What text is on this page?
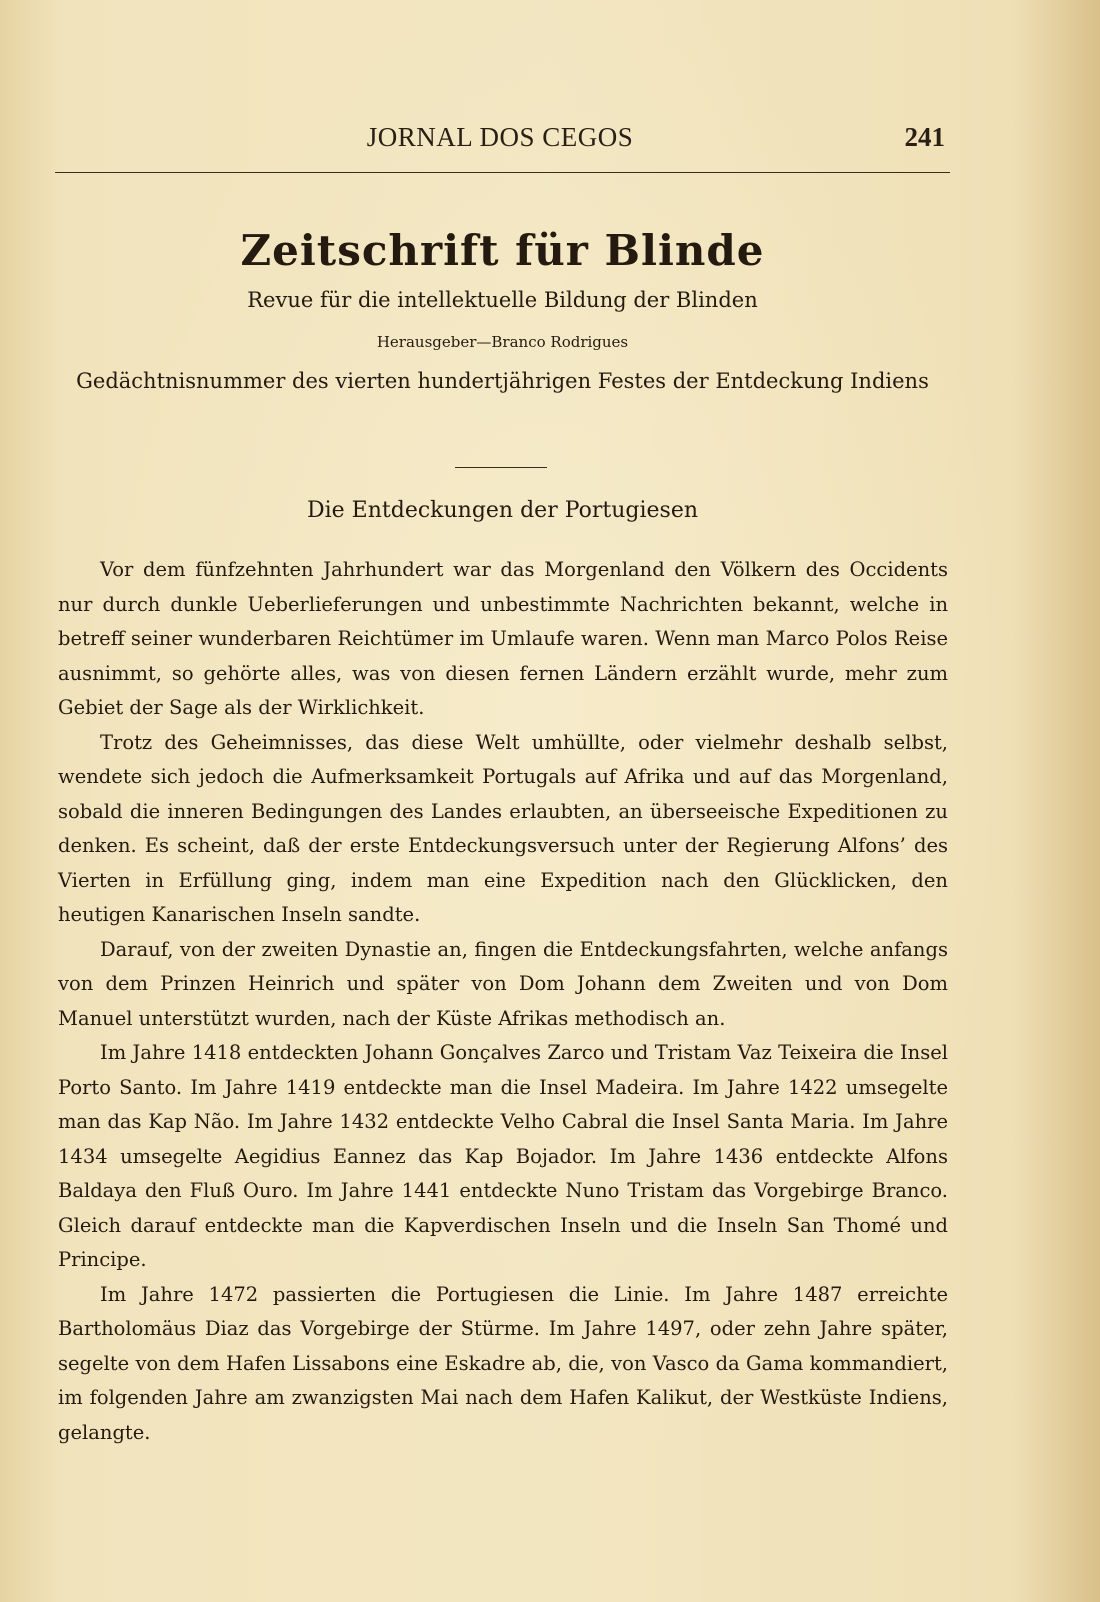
JORNAL DOS CEGOS	241
Zeitschrift für Blinde
Revue für die intellektuelle Bildung der Blinden
Herausgeber—Branco Rodrigues
Gedächtnisnummer des vierten hundertjährigen Festes der Entdeckung Indiens
Die Entdeckungen der Portugiesen

Vor dem fünfzehnten Jahrhundert war das Morgenland den Völkern des Occidents nur durch dunkle Ueberlieferungen und unbestimmte Nachrichten bekannt, welche in betreff seiner wunderbaren Reichtümer im Umlaufe waren. Wenn man Marco Polos Reise ausnimmt, so gehörte alles, was von diesen fernen Ländern erzählt wurde, mehr zum Gebiet der Sage als der Wirklichkeit.

Trotz des Geheimnisses, das diese Welt umhüllte, oder vielmehr deshalb selbst, wendete sich jedoch die Aufmerksamkeit Portugals auf Afrika und auf das Morgenland, sobald die inneren Bedingungen des Landes erlaubten, an überseeische Expeditionen zu denken. Es scheint, daß der erste Entdeckungsversuch unter der Regierung Alfons’ des Vierten in Erfüllung ging, indem man eine Expedition nach den Glücklicken, den heutigen Kanarischen Inseln sandte.

Darauf, von der zweiten Dynastie an, fingen die Entdeckungsfahrten, welche anfangs von dem Prinzen Heinrich und später von Dom Johann dem Zweiten und von Dom Manuel unterstützt wurden, nach der Küste Afrikas methodisch an.

Im Jahre 1418 entdeckten Johann Gonçalves Zarco und Tristam Vaz Teixeira die Insel Porto Santo. Im Jahre 1419 entdeckte man die Insel Madeira. Im Jahre 1422 umsegelte man das Kap Não. Im Jahre 1432 entdeckte Velho Cabral die Insel Santa Maria. Im Jahre 1434 umsegelte Aegidius Eannez das Kap Bojador. Im Jahre 1436 entdeckte Alfons Baldaya den Fluß Ouro. Im Jahre 1441 entdeckte Nuno Tristam das Vorgebirge Branco. Gleich darauf entdeckte man die Kapverdischen Inseln und die Inseln San Thomé und Principe.

Im Jahre 1472 passierten die Portugiesen die Linie. Im Jahre 1487 erreichte Bartholomäus Diaz das Vorgebirge der Stürme. Im Jahre 1497, oder zehn Jahre später, segelte von dem Hafen Lissabons eine Eskadre ab, die, von Vasco da Gama kommandiert, im folgenden Jahre am zwanzigsten Mai nach dem Hafen Kalikut, der Westküste Indiens, gelangte.
